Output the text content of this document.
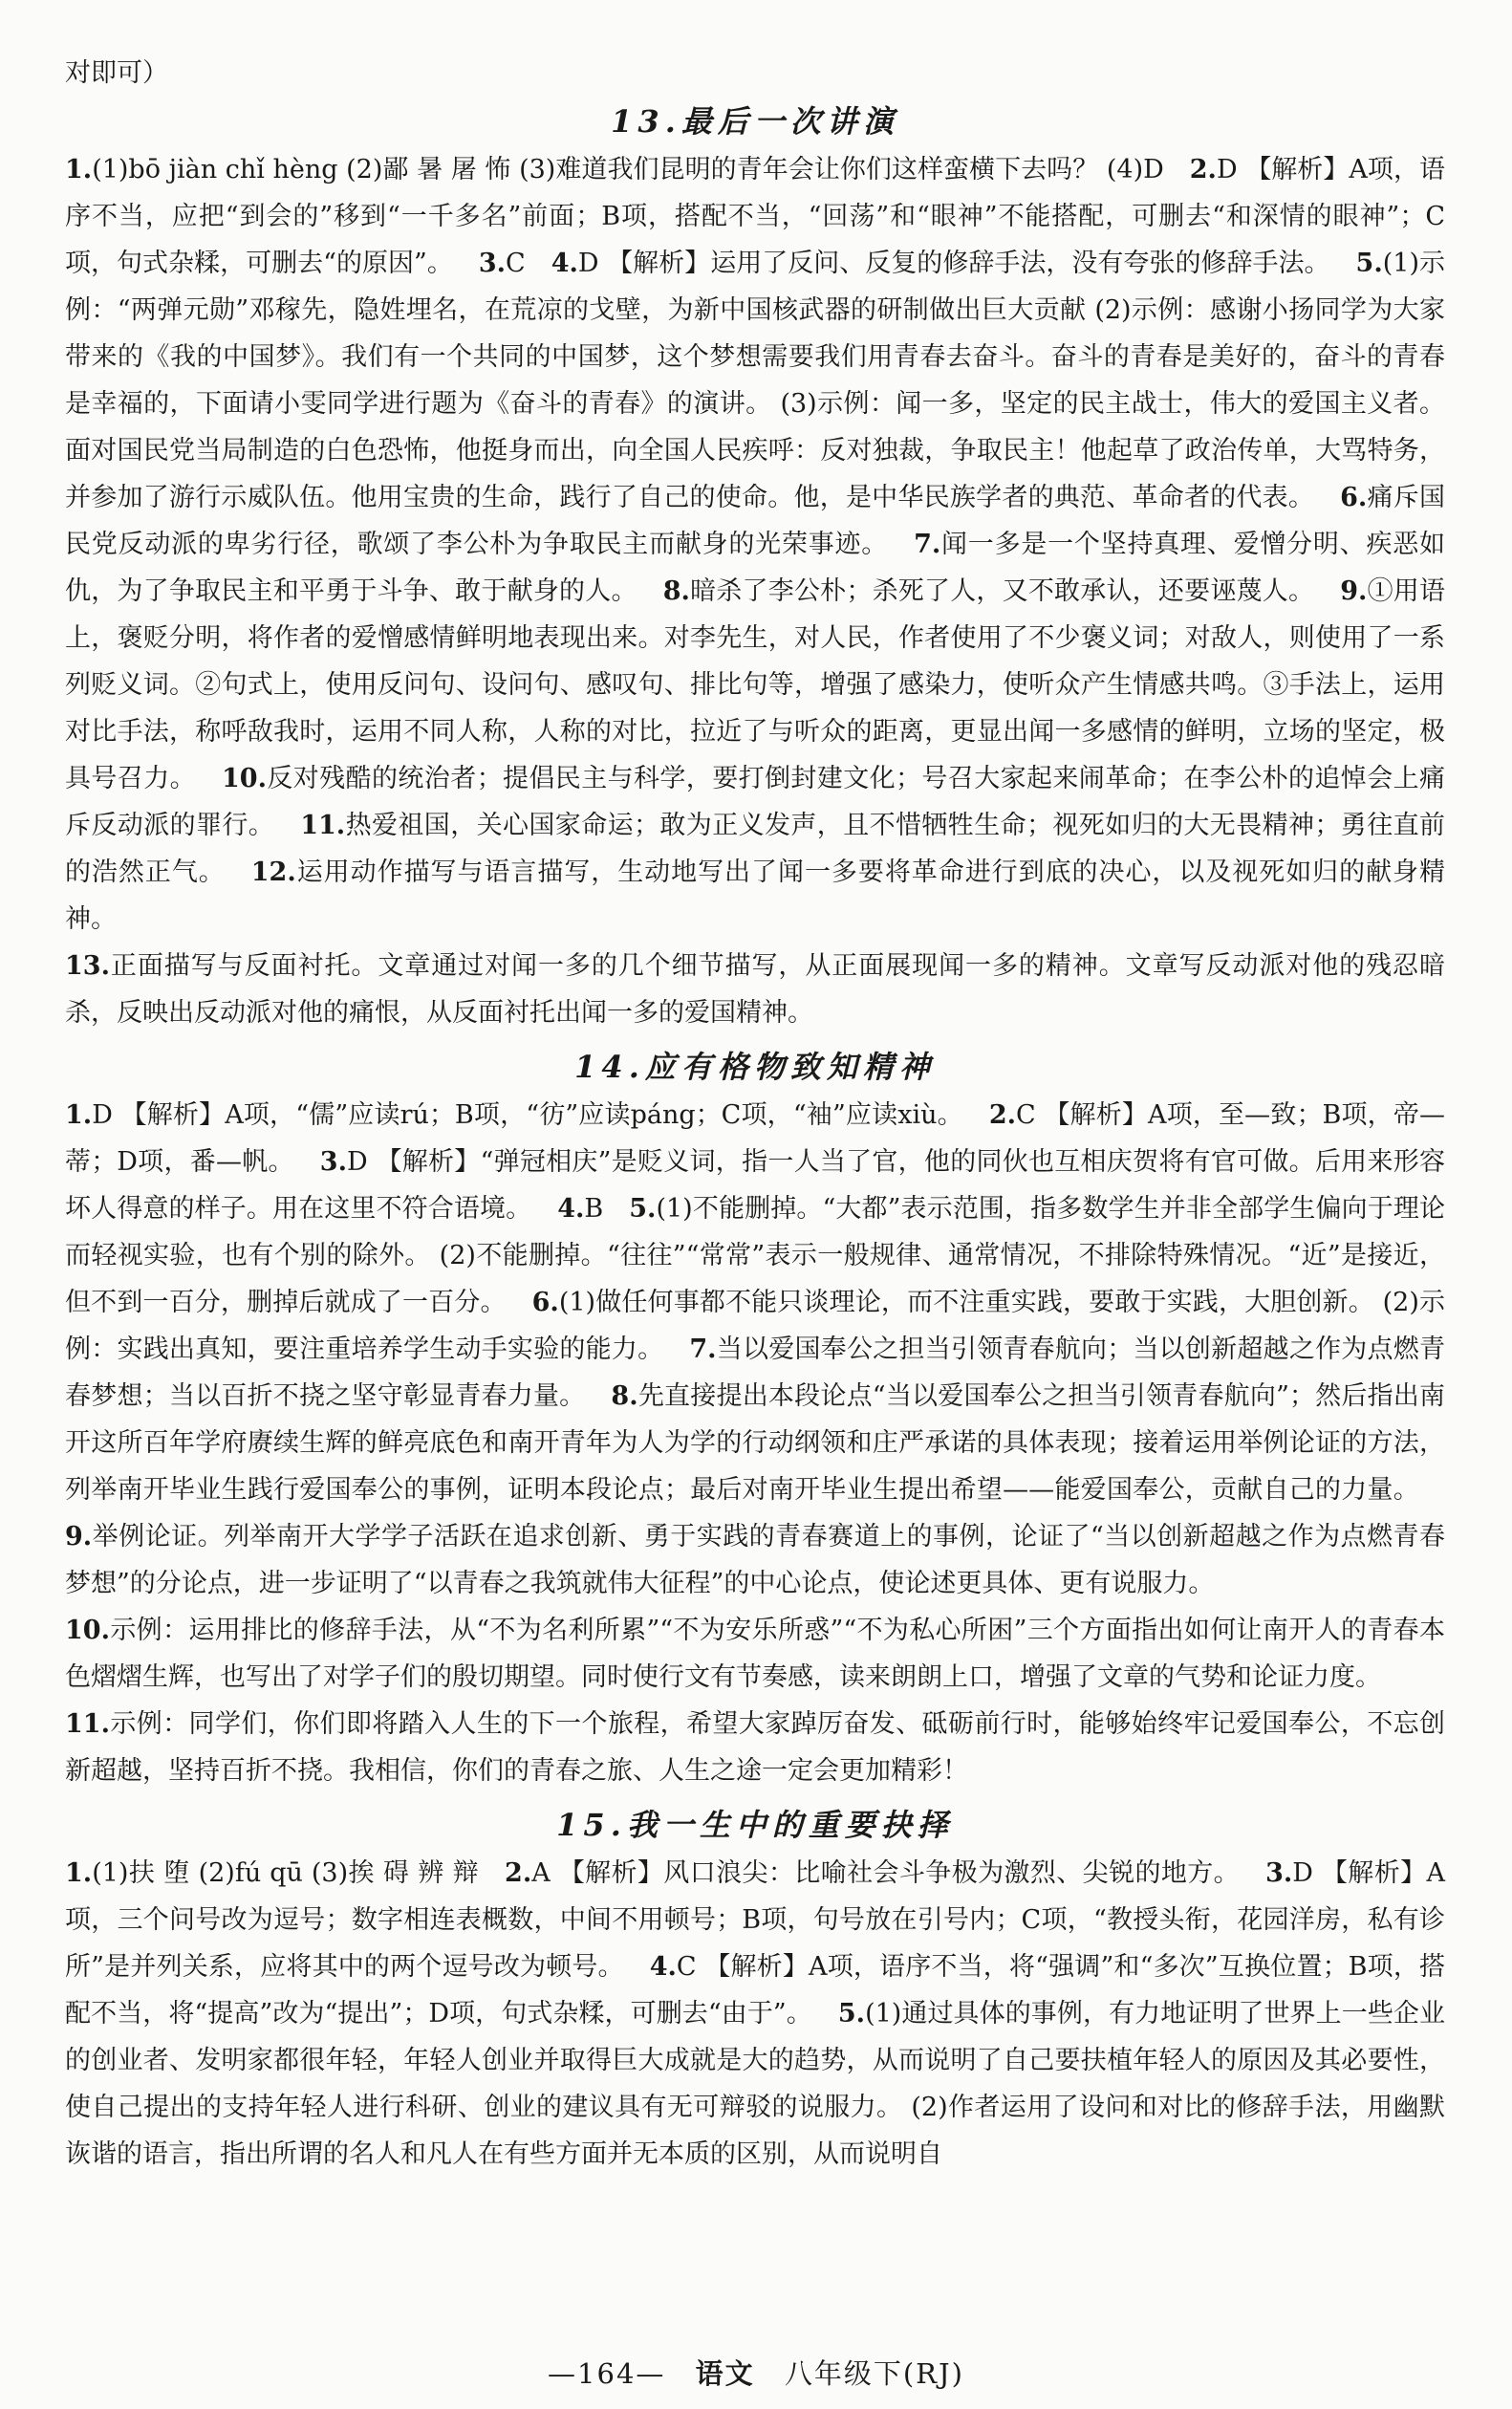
对即可）

13.最后一次讲演

1.(1)bō jiàn chǐ hèng (2)鄙 暑 屠 怖 (3)难道我们昆明的青年会让你们这样蛮横下去吗？ (4)D  2.D 【解析】A项，语序不当，应把“到会的”移到“一千多名”前面；B项，搭配不当，“回荡”和“眼神”不能搭配，可删去“和深情的眼神”；C项，句式杂糅，可删去“的原因”。  3.C  4.D 【解析】运用了反问、反复的修辞手法，没有夸张的修辞手法。  5.(1)示例：“两弹元勋”邓稼先，隐姓埋名，在荒凉的戈壁，为新中国核武器的研制做出巨大贡献 (2)示例：感谢小扬同学为大家带来的《我的中国梦》。我们有一个共同的中国梦，这个梦想需要我们用青春去奋斗。奋斗的青春是美好的，奋斗的青春是幸福的，下面请小雯同学进行题为《奋斗的青春》的演讲。 (3)示例：闻一多，坚定的民主战士，伟大的爱国主义者。面对国民党当局制造的白色恐怖，他挺身而出，向全国人民疾呼：反对独裁，争取民主！他起草了政治传单，大骂特务，并参加了游行示威队伍。他用宝贵的生命，践行了自己的使命。他，是中华民族学者的典范、革命者的代表。  6.痛斥国民党反动派的卑劣行径，歌颂了李公朴为争取民主而献身的光荣事迹。  7.闻一多是一个坚持真理、爱憎分明、疾恶如仇，为了争取民主和平勇于斗争、敢于献身的人。  8.暗杀了李公朴；杀死了人，又不敢承认，还要诬蔑人。  9.①用语上，褒贬分明，将作者的爱憎感情鲜明地表现出来。对李先生，对人民，作者使用了不少褒义词；对敌人，则使用了一系列贬义词。②句式上，使用反问句、设问句、感叹句、排比句等，增强了感染力，使听众产生情感共鸣。③手法上，运用对比手法，称呼敌我时，运用不同人称，人称的对比，拉近了与听众的距离，更显出闻一多感情的鲜明，立场的坚定，极具号召力。  10.反对残酷的统治者；提倡民主与科学，要打倒封建文化；号召大家起来闹革命；在李公朴的追悼会上痛斥反动派的罪行。  11.热爱祖国，关心国家命运；敢为正义发声，且不惜牺牲生命；视死如归的大无畏精神；勇往直前的浩然正气。  12.运用动作描写与语言描写，生动地写出了闻一多要将革命进行到底的决心，以及视死如归的献身精神。 
13.正面描写与反面衬托。文章通过对闻一多的几个细节描写，从正面展现闻一多的精神。文章写反动派对他的残忍暗杀，反映出反动派对他的痛恨，从反面衬托出闻一多的爱国精神。

14.应有格物致知精神

1.D 【解析】A项，“儒”应读rú；B项，“彷”应读páng；C项，“袖”应读xiù。  2.C 【解析】A项，至—致；B项，帝—蒂；D项，番—帆。  3.D 【解析】“弹冠相庆”是贬义词，指一人当了官，他的同伙也互相庆贺将有官可做。后用来形容坏人得意的样子。用在这里不符合语境。  4.B  5.(1)不能删掉。“大都”表示范围，指多数学生并非全部学生偏向于理论而轻视实验，也有个别的除外。 (2)不能删掉。“往往”“常常”表示一般规律、通常情况，不排除特殊情况。“近”是接近，但不到一百分，删掉后就成了一百分。  6.(1)做任何事都不能只谈理论，而不注重实践，要敢于实践，大胆创新。 (2)示例：实践出真知，要注重培养学生动手实验的能力。  7.当以爱国奉公之担当引领青春航向；当以创新超越之作为点燃青春梦想；当以百折不挠之坚守彰显青春力量。  8.先直接提出本段论点“当以爱国奉公之担当引领青春航向”；然后指出南开这所百年学府赓续生辉的鲜亮底色和南开青年为人为学的行动纲领和庄严承诺的具体表现；接着运用举例论证的方法，列举南开毕业生践行爱国奉公的事例，证明本段论点；最后对南开毕业生提出希望——能爱国奉公，贡献自己的力量。 9.举例论证。列举南开大学学子活跃在追求创新、勇于实践的青春赛道上的事例，论证了“当以创新超越之作为点燃青春梦想”的分论点，进一步证明了“以青春之我筑就伟大征程”的中心论点，使论述更具体、更有说服力。 
10.示例：运用排比的修辞手法，从“不为名利所累”“不为安乐所惑”“不为私心所困”三个方面指出如何让南开人的青春本色熠熠生辉，也写出了对学子们的殷切期望。同时使行文有节奏感，读来朗朗上口，增强了文章的气势和论证力度。
11.示例：同学们，你们即将踏入人生的下一个旅程，希望大家踔厉奋发、砥砺前行时，能够始终牢记爱国奉公，不忘创新超越，坚持百折不挠。我相信，你们的青春之旅、人生之途一定会更加精彩！ 

15.我一生中的重要抉择

1.(1)扶 堕 (2)fú qū (3)挨 碍 辨 辩  2.A 【解析】风口浪尖：比喻社会斗争极为激烈、尖锐的地方。  3.D 【解析】A项，三个问号改为逗号；数字相连表概数，中间不用顿号；B项，句号放在引号内；C项，“教授头衔，花园洋房，私有诊所”是并列关系，应将其中的两个逗号改为顿号。  4.C 【解析】A项，语序不当，将“强调”和“多次”互换位置；B项，搭配不当，将“提高”改为“提出”；D项，句式杂糅，可删去“由于”。  5.(1)通过具体的事例，有力地证明了世界上一些企业的创业者、发明家都很年轻，年轻人创业并取得巨大成就是大的趋势，从而说明了自己要扶植年轻人的原因及其必要性，使自己提出的支持年轻人进行科研、创业的建议具有无可辩驳的说服力。 (2)作者运用了设问和对比的修辞手法，用幽默诙谐的语言，指出所谓的名人和凡人在有些方面并无本质的区别，从而说明自 

—164— 语文 八年级下(RJ)
